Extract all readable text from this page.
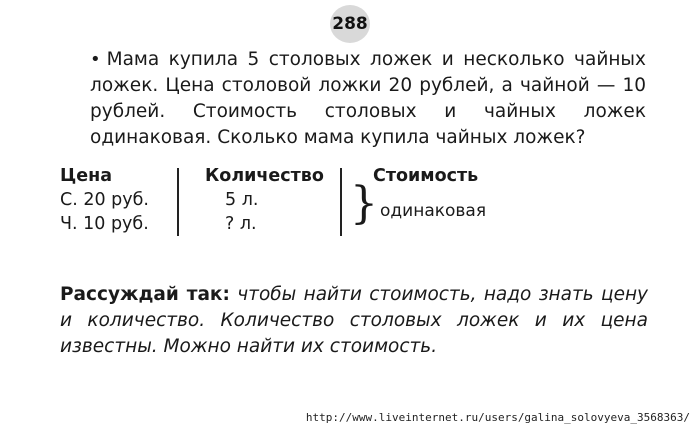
288
• Мама купила 5 столовых ложек и несколько чайных ложек. Цена столовой ложки 20 рублей, а чайной — 10 рублей. Стоимость столовых и чайных ложек одинаковая. Сколько мама купила чайных ложек?
Цена	Количество	Стоимость
С. 20 руб.	5 л.
Ч. 10 руб.	? л. } одинаковая
Рассуждай так: чтобы найти стоимость, надо знать цену и количество. Количество столовых ложек и их цена известны. Можно найти их стоимость.
http://www.liveinternet.ru/users/galina_solovyeva_3568363/
